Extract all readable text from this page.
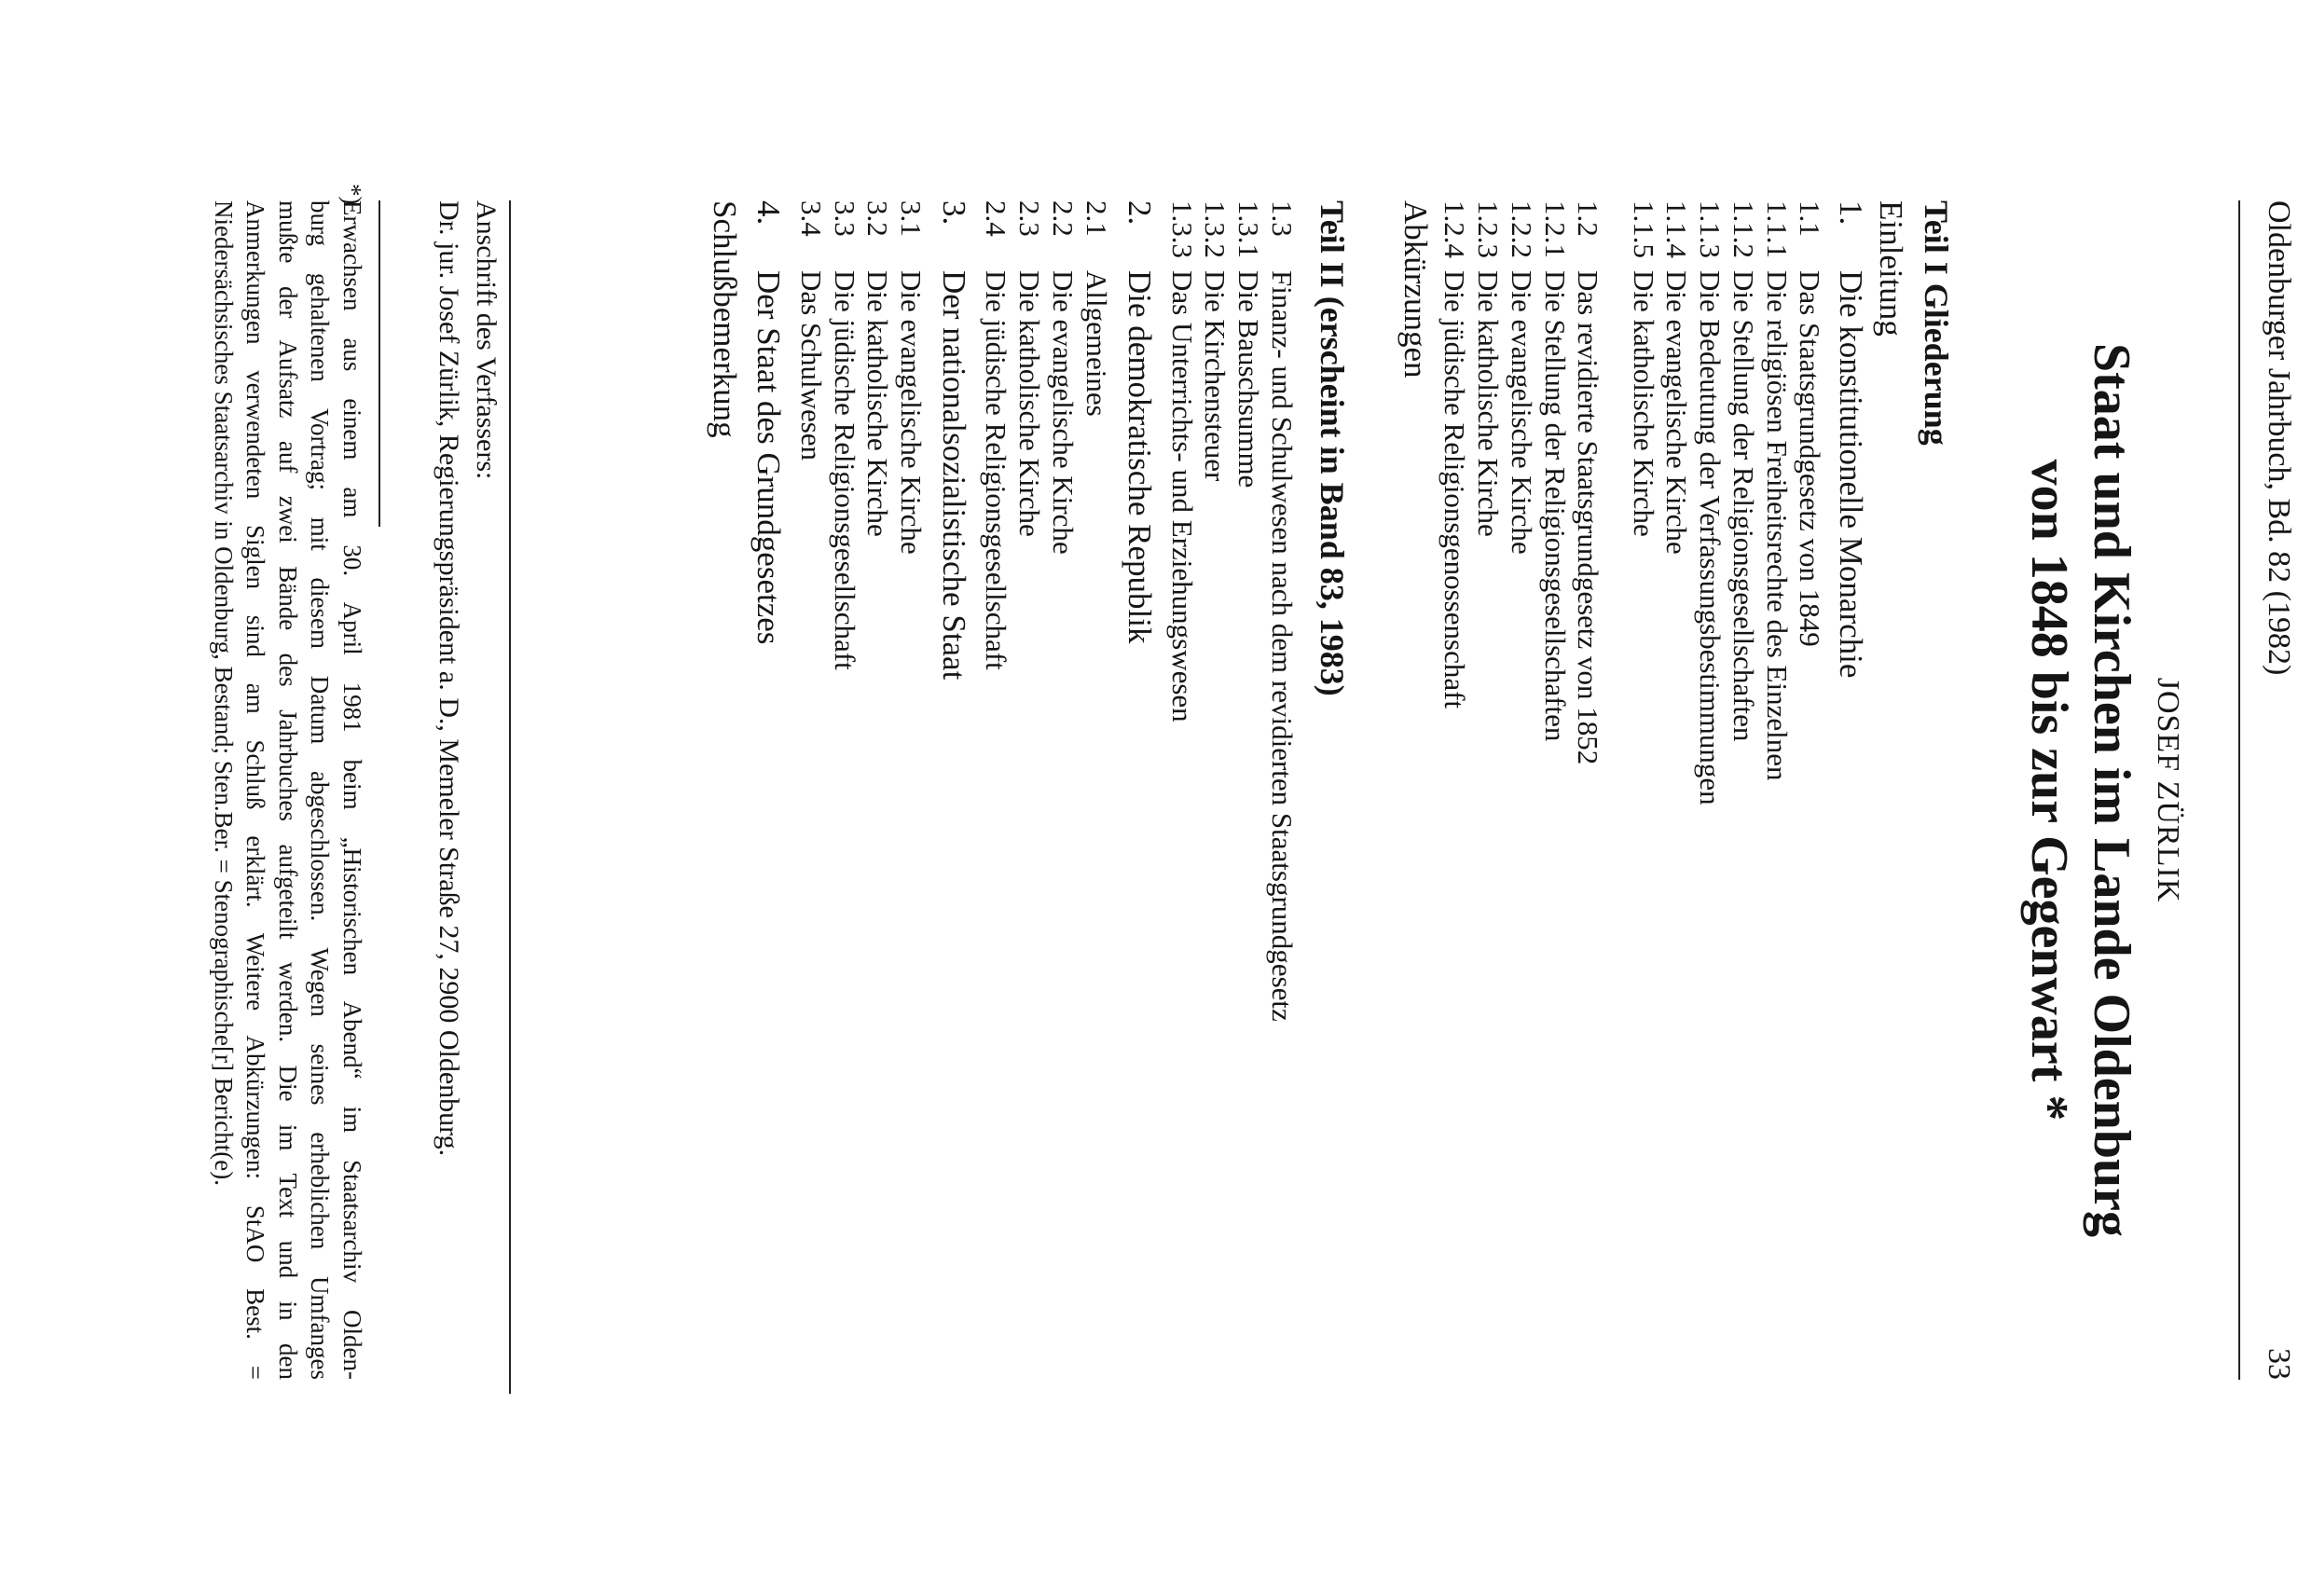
Oldenburger Jahrbuch, Bd. 82 (1982)
33
JOSEF ZÜRLIK
Staat und Kirchen im Lande Oldenburg
von 1848 bis zur Gegenwart *
Teil I Gliederung
Einleitung
1.
Die konstitutionelle Monarchie
1.1
Das Staatsgrundgesetz von 1849
1.1.1
Die religiösen Freiheitsrechte des Einzelnen
1.1.2
Die Stellung der Religionsgesellschaften
1.1.3
Die Bedeutung der Verfassungsbestimmungen
1.1.4
Die evangelische Kirche
1.1.5
Die katholische Kirche
1.2
Das revidierte Staatsgrundgesetz von 1852
1.2.1
Die Stellung der Religionsgesellschaften
1.2.2
Die evangelische Kirche
1.2.3
Die katholische Kirche
1.2.4
Die jüdische Religionsgenossenschaft
Abkürzungen
Teil II (erscheint in Band 83, 1983)
1.3
Finanz- und Schulwesen nach dem revidierten Staatsgrundgesetz
1.3.1
Die Bauschsumme
1.3.2
Die Kirchensteuer
1.3.3
Das Unterrichts- und Erziehungswesen
2.
Die demokratische Republik
2.1
Allgemeines
2.2
Die evangelische Kirche
2.3
Die katholische Kirche
2.4
Die jüdische Religionsgesellschaft
3.
Der nationalsozialistische Staat
3.1
Die evangelische Kirche
3.2
Die katholische Kirche
3.3
Die jüdische Religionsgesellschaft
3.4
Das Schulwesen
4.
Der Staat des Grundgesetzes
Schlußbemerkung
Anschrift des Verfassers:
Dr. jur. Josef Zürlik, Regierungspräsident a. D., Memeler Straße 27, 2900 Oldenburg.
*)Erwachsen aus einem am 30. April 1981 beim „Historischen Abend“ im Staatsarchiv Olden-
burg gehaltenen Vortrag; mit diesem Datum abgeschlossen. Wegen seines erheblichen Umfanges
mußte der Aufsatz auf zwei Bände des Jahrbuches aufgeteilt werden. Die im Text und in den
Anmerkungen verwendeten Siglen sind am Schluß erklärt. Weitere Abkürzungen: StAO Best. =
Niedersächsisches Staatsarchiv in Oldenburg, Bestand; Sten.Ber. = Stenographische[r] Bericht(e).
